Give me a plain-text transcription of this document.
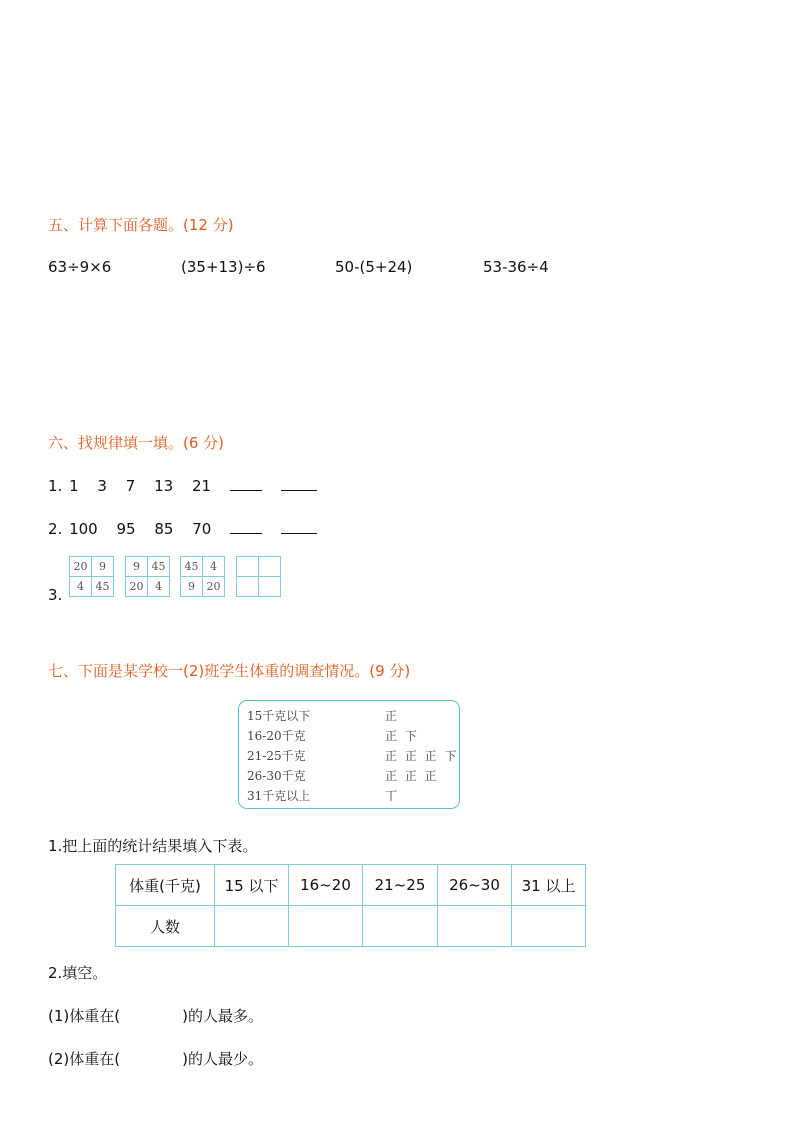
五、计算下面各题。(12 分)
63÷9×6	(35+13)÷6	50-(5+24)	53-36÷4
六、找规律填一填。(6 分)
1. 1 3 7 13 21
2. 100 95 85 70
3.
20	9
4	45
9	45
20	4
45	4
9	20

七、下面是某学校一(2)班学生体重的调查情况。(9 分)
15千克以下	正
16-20千克	正 下
21-25千克	正 正 正 下
26-30千克	正 正 正
31千克以上	丅
1.把上面的统计结果填入下表。
体重(千克)	15 以下	16~20	21~25	26~30	31 以上
人数					
2.填空。
(1)体重在(	)的人最多。
(2)体重在(	)的人最少。
